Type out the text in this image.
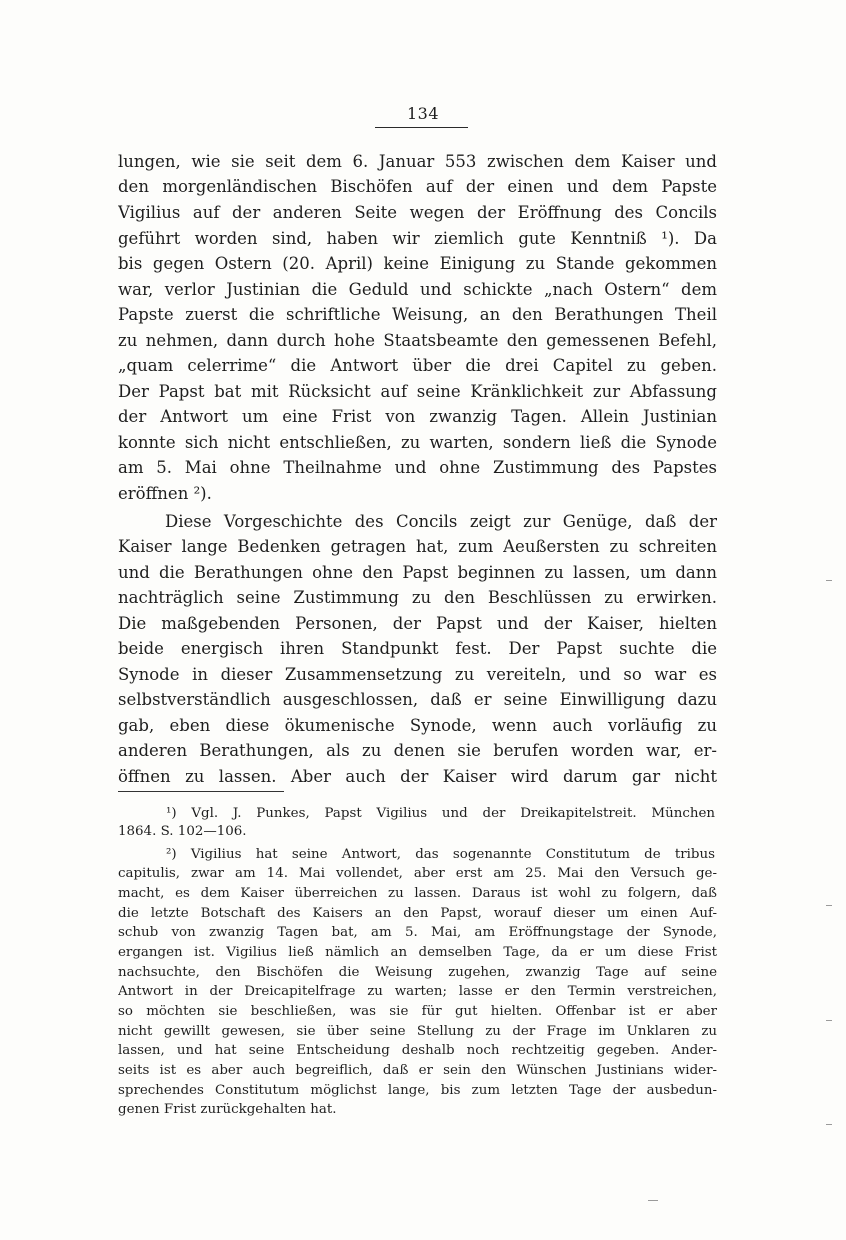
134
lungen, wie sie seit dem 6. Januar 553 zwischen dem Kaiser und
den morgenländischen Bischöfen auf der einen und dem Papste
Vigilius auf der anderen Seite wegen der Eröffnung des Concils
geführt worden sind, haben wir ziemlich gute Kenntniß ¹). Da
bis gegen Ostern (20. April) keine Einigung zu Stande gekommen
war, verlor Justinian die Geduld und schickte „nach Ostern“ dem
Papste zuerst die schriftliche Weisung, an den Berathungen Theil
zu nehmen, dann durch hohe Staatsbeamte den gemessenen Befehl,
„quam celerrime“ die Antwort über die drei Capitel zu geben.
Der Papst bat mit Rücksicht auf seine Kränklichkeit zur Abfassung
der Antwort um eine Frist von zwanzig Tagen. Allein Justinian
konnte sich nicht entschließen, zu warten, sondern ließ die Synode
am 5. Mai ohne Theilnahme und ohne Zustimmung des Papstes
eröffnen ²).
Diese Vorgeschichte des Concils zeigt zur Genüge, daß der
Kaiser lange Bedenken getragen hat, zum Aeußersten zu schreiten
und die Berathungen ohne den Papst beginnen zu lassen, um dann
nachträglich seine Zustimmung zu den Beschlüssen zu erwirken.
Die maßgebenden Personen, der Papst und der Kaiser, hielten
beide energisch ihren Standpunkt fest. Der Papst suchte die
Synode in dieser Zusammensetzung zu vereiteln, und so war es
selbstverständlich ausgeschlossen, daß er seine Einwilligung dazu
gab, eben diese ökumenische Synode, wenn auch vorläufig zu
anderen Berathungen, als zu denen sie berufen worden war, er-
öffnen zu lassen. Aber auch der Kaiser wird darum gar nicht
¹) Vgl. J. Punkes, Papst Vigilius und der Dreikapitelstreit. München
1864. S. 102—106.
²) Vigilius hat seine Antwort, das sogenannte Constitutum de tribus
capitulis, zwar am 14. Mai vollendet, aber erst am 25. Mai den Versuch ge-
macht, es dem Kaiser überreichen zu lassen. Daraus ist wohl zu folgern, daß
die letzte Botschaft des Kaisers an den Papst, worauf dieser um einen Auf-
schub von zwanzig Tagen bat, am 5. Mai, am Eröffnungstage der Synode,
ergangen ist. Vigilius ließ nämlich an demselben Tage, da er um diese Frist
nachsuchte, den Bischöfen die Weisung zugehen, zwanzig Tage auf seine
Antwort in der Dreicapitelfrage zu warten; lasse er den Termin verstreichen,
so möchten sie beschließen, was sie für gut hielten. Offenbar ist er aber
nicht gewillt gewesen, sie über seine Stellung zu der Frage im Unklaren zu
lassen, und hat seine Entscheidung deshalb noch rechtzeitig gegeben. Ander-
seits ist es aber auch begreiflich, daß er sein den Wünschen Justinians wider-
sprechendes Constitutum möglichst lange, bis zum letzten Tage der ausbedun-
genen Frist zurückgehalten hat.
